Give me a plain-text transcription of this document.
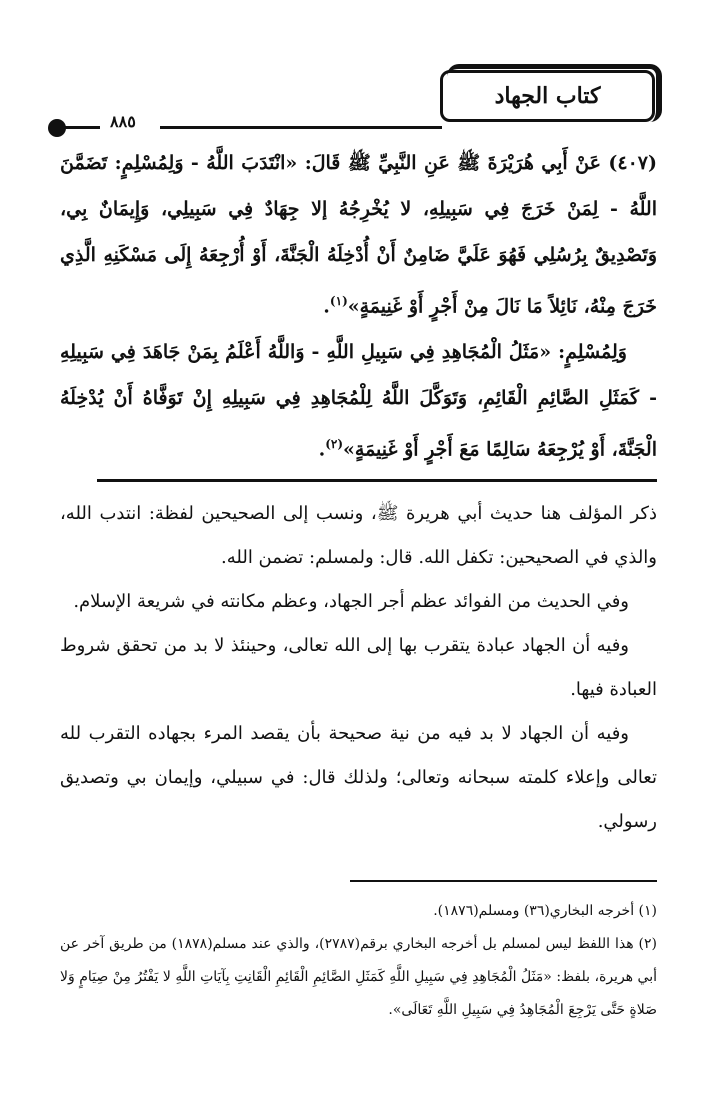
كتاب الجهاد
٨٨٥

(٤٠٧) عَنْ أَبِي هُرَيْرَةَ ﷺ عَنِ النَّبِيِّ ﷺ قَالَ: «انْتَدَبَ اللَّهُ - وَلِمُسْلِمٍ: تَضَمَّنَ اللَّهُ - لِمَنْ خَرَجَ فِي سَبِيلِهِ، لا يُخْرِجُهُ إلا جِهَادٌ فِي سَبِيلِي، وَإِيمَانٌ بِي، وَتَصْدِيقٌ بِرُسُلِي فَهُوَ عَلَيَّ ضَامِنٌ أَنْ أُدْخِلَهُ الْجَنَّةَ، أَوْ أُرْجِعَهُ إِلَى مَسْكَنِهِ الَّذِي خَرَجَ مِنْهُ، نَائِلاً مَا نَالَ مِنْ أَجْرٍ أَوْ غَنِيمَةٍ»$^{(١)}$.

وَلِمُسْلِمٍ: «مَثَلُ الْمُجَاهِدِ فِي سَبِيلِ اللَّهِ - وَاللَّهُ أَعْلَمُ بِمَنْ جَاهَدَ فِي سَبِيلِهِ - كَمَثَلِ الصَّائِمِ الْقَائِمِ، وَتَوَكَّلَ اللَّهُ لِلْمُجَاهِدِ فِي سَبِيلِهِ إِنْ تَوَفَّاهُ أَنْ يُدْخِلَهُ الْجَنَّةَ، أَوْ يُرْجِعَهُ سَالِمًا مَعَ أَجْرٍ أَوْ غَنِيمَةٍ»$^{(٢)}$.

ذكر المؤلف هنا حديث أبي هريرة ﷺ، ونسب إلى الصحيحين لفظة: انتدب الله، والذي في الصحيحين: تكفل الله. قال: ولمسلم: تضمن الله.

وفي الحديث من الفوائد عظم أجر الجهاد، وعظم مكانته في شريعة الإسلام.

وفيه أن الجهاد عبادة يتقرب بها إلى الله تعالى، وحينئذ لا بد من تحقق شروط العبادة فيها.

وفيه أن الجهاد لا بد فيه من نية صحيحة بأن يقصد المرء بجهاده التقرب لله تعالى وإعلاء كلمته سبحانه وتعالى؛ ولذلك قال: في سبيلي، وإيمان بي وتصديق رسولي.

(١) أخرجه البخاري(٣٦) ومسلم(١٨٧٦).

(٢) هذا اللفظ ليس لمسلم بل أخرجه البخاري برقم(٢٧٨٧)، والذي عند مسلم(١٨٧٨) من طريق آخر عن أبي هريرة، بلفظ: «مَثَلُ الْمُجَاهِدِ فِي سَبِيلِ اللَّهِ كَمَثَلِ الصَّائِمِ الْقَائِمِ الْقَانِتِ بِآيَاتِ اللَّهِ لا يَفْتُرُ مِنْ صِيَامٍ وَلا صَلاةٍ حَتَّى يَرْجِعَ الْمُجَاهِدُ فِي سَبِيلِ اللَّهِ تَعَالَى».
